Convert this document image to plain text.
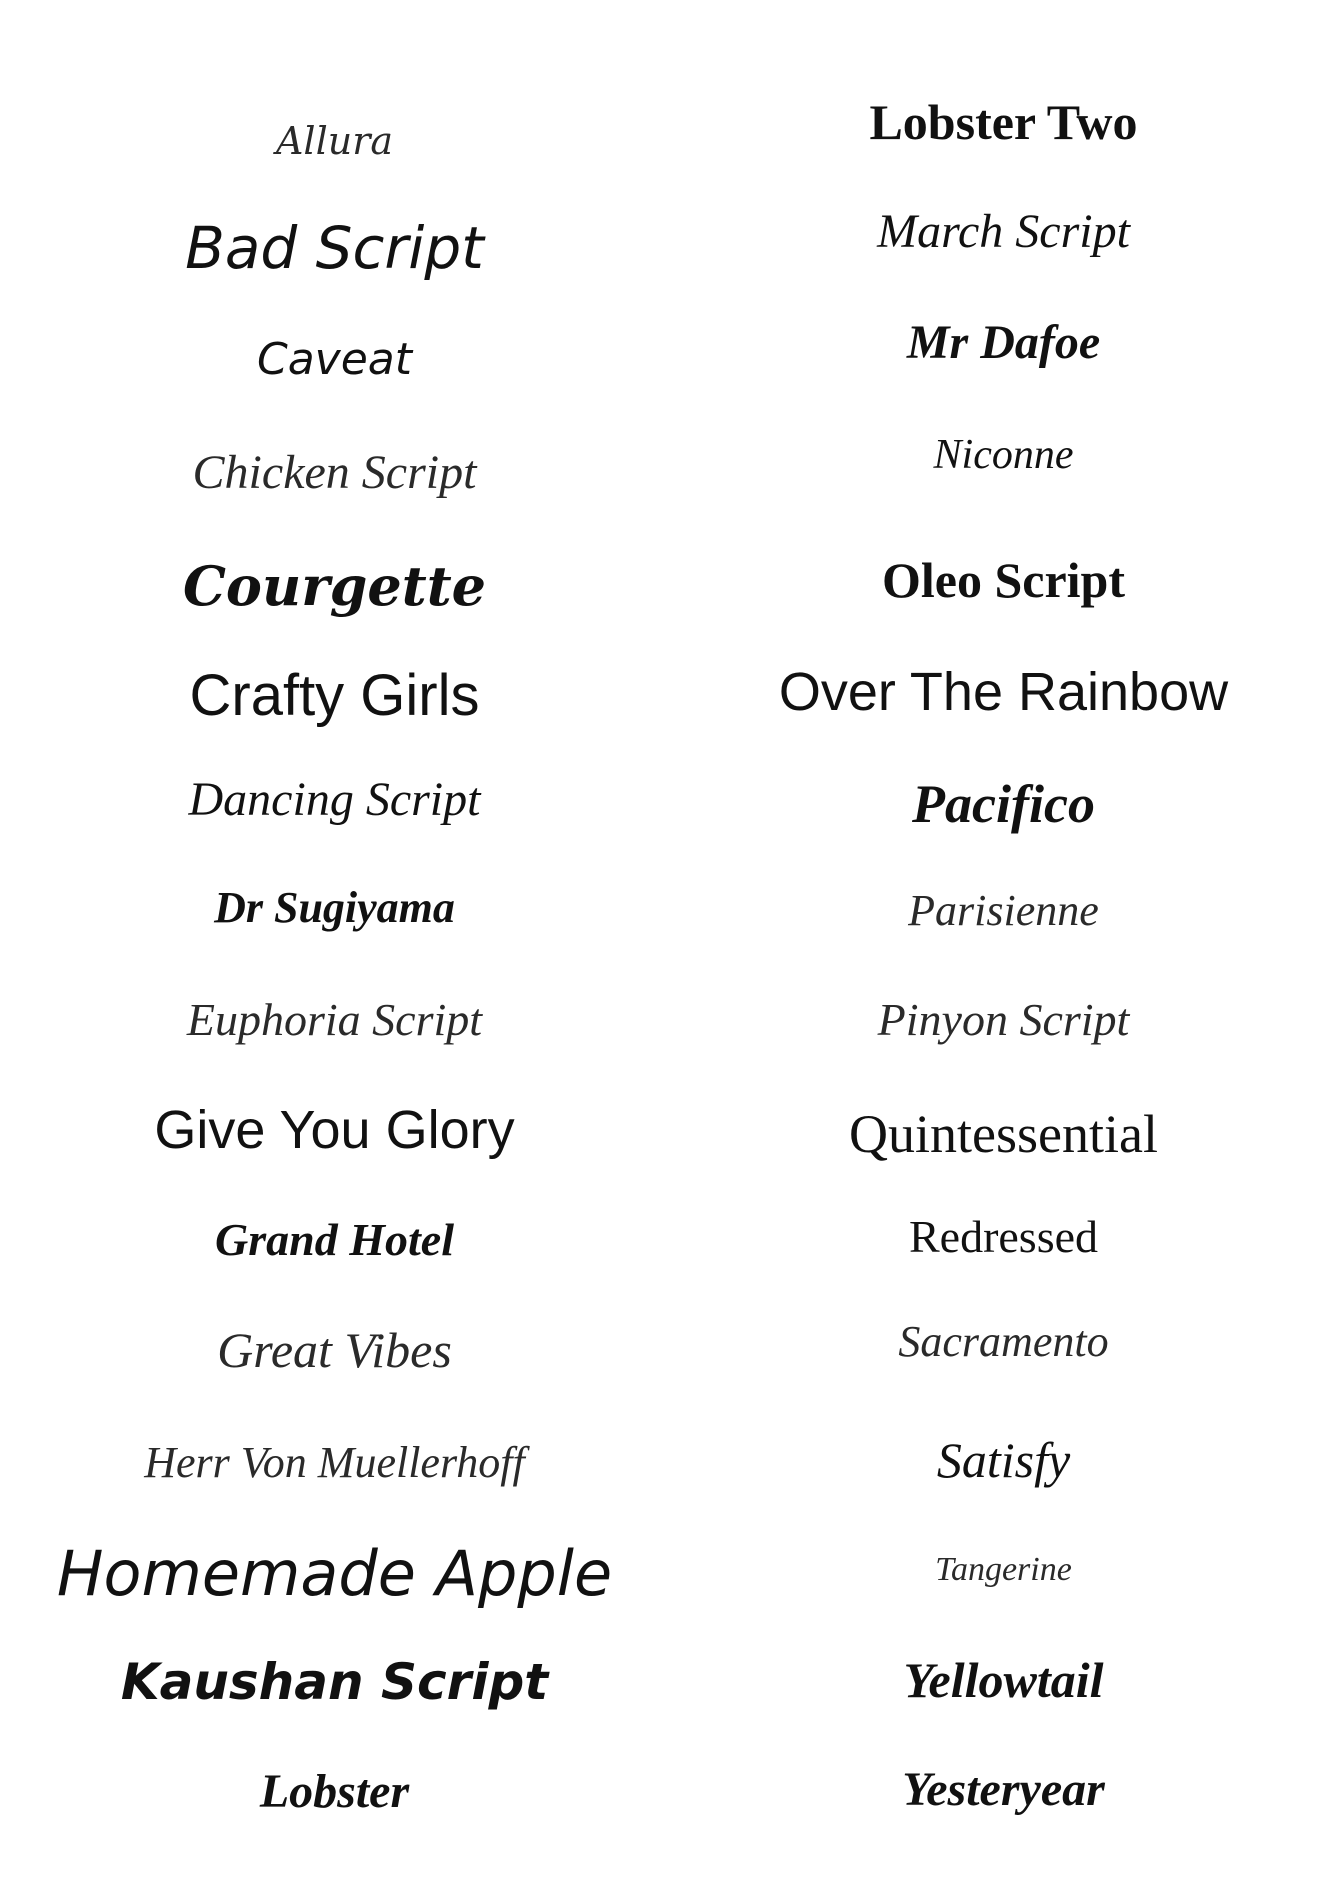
Allura
Bad Script
Caveat
Chicken Script
Courgette
Crafty Girls
Dancing Script
Dr Sugiyama
Euphoria Script
Give You Glory
Grand Hotel
Great Vibes
Herr Von Muellerhoff
Homemade Apple
Kaushan Script
Lobster
Lobster Two
March Script
Mr Dafoe
Niconne
Oleo Script
Over The Rainbow
Pacifico
Parisienne
Pinyon Script
Quintessential
Redressed
Sacramento
Satisfy
Tangerine
Yellowtail
Yesteryear
